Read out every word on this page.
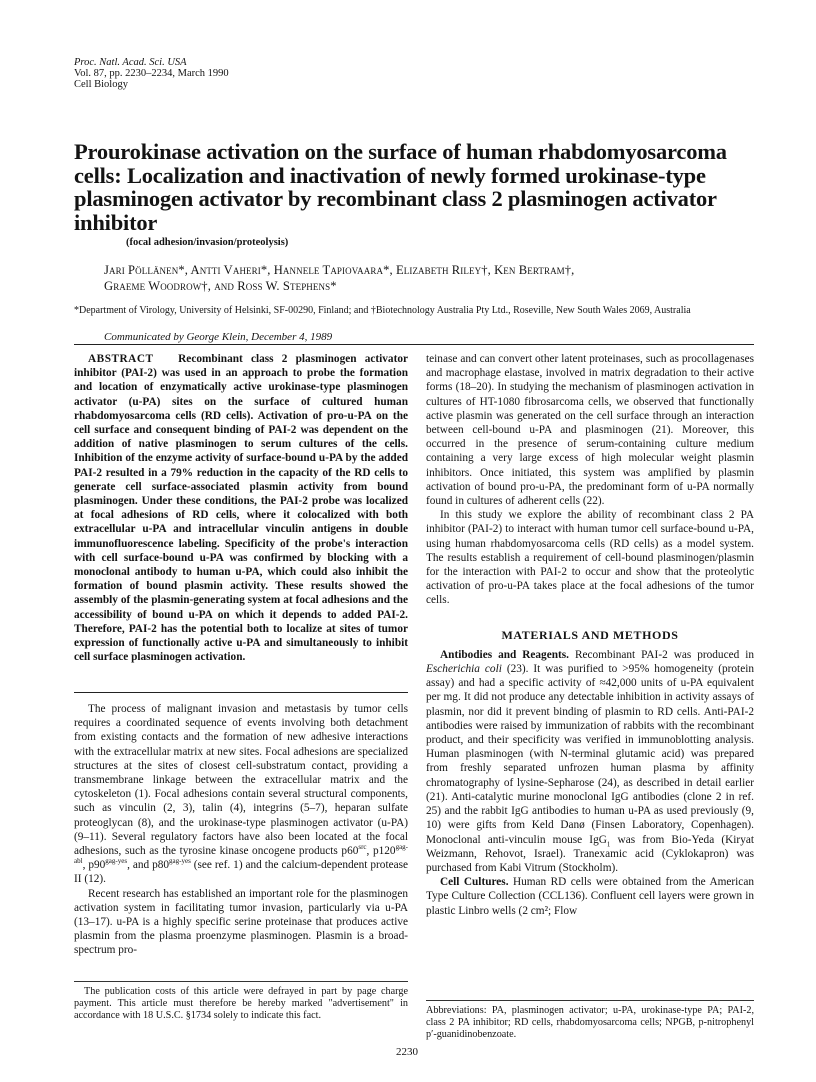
Proc. Natl. Acad. Sci. USA
Vol. 87, pp. 2230–2234, March 1990
Cell Biology
Prourokinase activation on the surface of human rhabdomyosarcoma cells: Localization and inactivation of newly formed urokinase-type plasminogen activator by recombinant class 2 plasminogen activator inhibitor
(focal adhesion/invasion/proteolysis)
Jari Pöllänen*, Antti Vaheri*, Hannele Tapiovaara*, Elizabeth Riley†, Ken Bertram†,
Graeme Woodrow†, and Ross W. Stephens*
*Department of Virology, University of Helsinki, SF-00290, Finland; and †Biotechnology Australia Pty Ltd., Roseville, New South Wales 2069, Australia
Communicated by George Klein, December 4, 1989

ABSTRACT Recombinant class 2 plasminogen activator inhibitor (PAI-2) was used in an approach to probe the formation and location of enzymatically active urokinase-type plasminogen activator (u-PA) sites on the surface of cultured human rhabdomyosarcoma cells (RD cells). Activation of pro-u-PA on the cell surface and consequent binding of PAI-2 was dependent on the addition of native plasminogen to serum cultures of the cells. Inhibition of the enzyme activity of surface-bound u-PA by the added PAI-2 resulted in a 79% reduction in the capacity of the RD cells to generate cell surface-associated plasmin activity from bound plasminogen. Under these conditions, the PAI-2 probe was localized at focal adhesions of RD cells, where it colocalized with both extracellular u-PA and intracellular vinculin antigens in double immunofluorescence labeling. Specificity of the probe's interaction with cell surface-bound u-PA was confirmed by blocking with a monoclonal antibody to human u-PA, which could also inhibit the formation of bound plasmin activity. These results showed the assembly of the plasmin-generating system at focal adhesions and the accessibility of bound u-PA on which it depends to added PAI-2. Therefore, PAI-2 has the potential both to localize at sites of tumor expression of functionally active u-PA and simultaneously to inhibit cell surface plasminogen activation.

The process of malignant invasion and metastasis by tumor cells requires a coordinated sequence of events involving both detachment from existing contacts and the formation of new adhesive interactions with the extracellular matrix at new sites. Focal adhesions are specialized structures at the sites of closest cell-substratum contact, providing a transmembrane linkage between the extracellular matrix and the cytoskeleton (1). Focal adhesions contain several structural components, such as vinculin (2, 3), talin (4), integrins (5–7), heparan sulfate proteoglycan (8), and the urokinase-type plasminogen activator (u-PA) (9–11). Several regulatory factors have also been located at the focal adhesions, such as the tyrosine kinase oncogene products $p60^{src}$, $p120^{gag-abl}$, $p90^{gag-yes}$, and $p80^{gag-yes}$ (see ref. 1) and the calcium-dependent protease II (12).

Recent research has established an important role for the plasminogen activation system in facilitating tumor invasion, particularly via u-PA (13–17). u-PA is a highly specific serine proteinase that produces active plasmin from the plasma proenzyme plasminogen. Plasmin is a broad-spectrum pro-

The publication costs of this article were defrayed in part by page charge payment. This article must therefore be hereby marked "advertisement" in accordance with 18 U.S.C. §1734 solely to indicate this fact.

teinase and can convert other latent proteinases, such as procollagenases and macrophage elastase, involved in matrix degradation to their active forms (18–20). In studying the mechanism of plasminogen activation in cultures of HT-1080 fibrosarcoma cells, we observed that functionally active plasmin was generated on the cell surface through an interaction between cell-bound u-PA and plasminogen (21). Moreover, this occurred in the presence of serum-containing culture medium containing a very large excess of high molecular weight plasmin inhibitors. Once initiated, this system was amplified by plasmin activation of bound pro-u-PA, the predominant form of u-PA normally found in cultures of adherent cells (22).

In this study we explore the ability of recombinant class 2 PA inhibitor (PAI-2) to interact with human tumor cell surface-bound u-PA, using human rhabdomyosarcoma cells (RD cells) as a model system. The results establish a requirement of cell-bound plasminogen/plasmin for the interaction with PAI-2 to occur and show that the proteolytic activation of pro-u-PA takes place at the focal adhesions of the tumor cells.

MATERIALS AND METHODS

Antibodies and Reagents. Recombinant PAI-2 was produced in Escherichia coli (23). It was purified to >95% homogeneity (protein assay) and had a specific activity of ≈42,000 units of u-PA equivalent per mg. It did not produce any detectable inhibition in activity assays of plasmin, nor did it prevent binding of plasmin to RD cells. Anti-PAI-2 antibodies were raised by immunization of rabbits with the recombinant product, and their specificity was verified in immunoblotting analysis. Human plasminogen (with N-terminal glutamic acid) was prepared from freshly separated unfrozen human plasma by affinity chromatography of lysine-Sepharose (24), as described in detail earlier (21). Anti-catalytic murine monoclonal IgG antibodies (clone 2 in ref. 25) and the rabbit IgG antibodies to human u-PA as used previously (9, 10) were gifts from Keld Danø (Finsen Laboratory, Copenhagen). Monoclonal anti-vinculin mouse IgG$_1$ was from Bio-Yeda (Kiryat Weizmann, Rehovot, Israel). Tranexamic acid (Cyklokapron) was purchased from Kabi Vitrum (Stockholm).

Cell Cultures. Human RD cells were obtained from the American Type Culture Collection (CCL136). Confluent cell layers were grown in plastic Linbro wells (2 cm²; Flow

Abbreviations: PA, plasminogen activator; u-PA, urokinase-type PA; PAI-2, class 2 PA inhibitor; RD cells, rhabdomyosarcoma cells; NPGB, p-nitrophenyl p′-guanidinobenzoate.
2230
